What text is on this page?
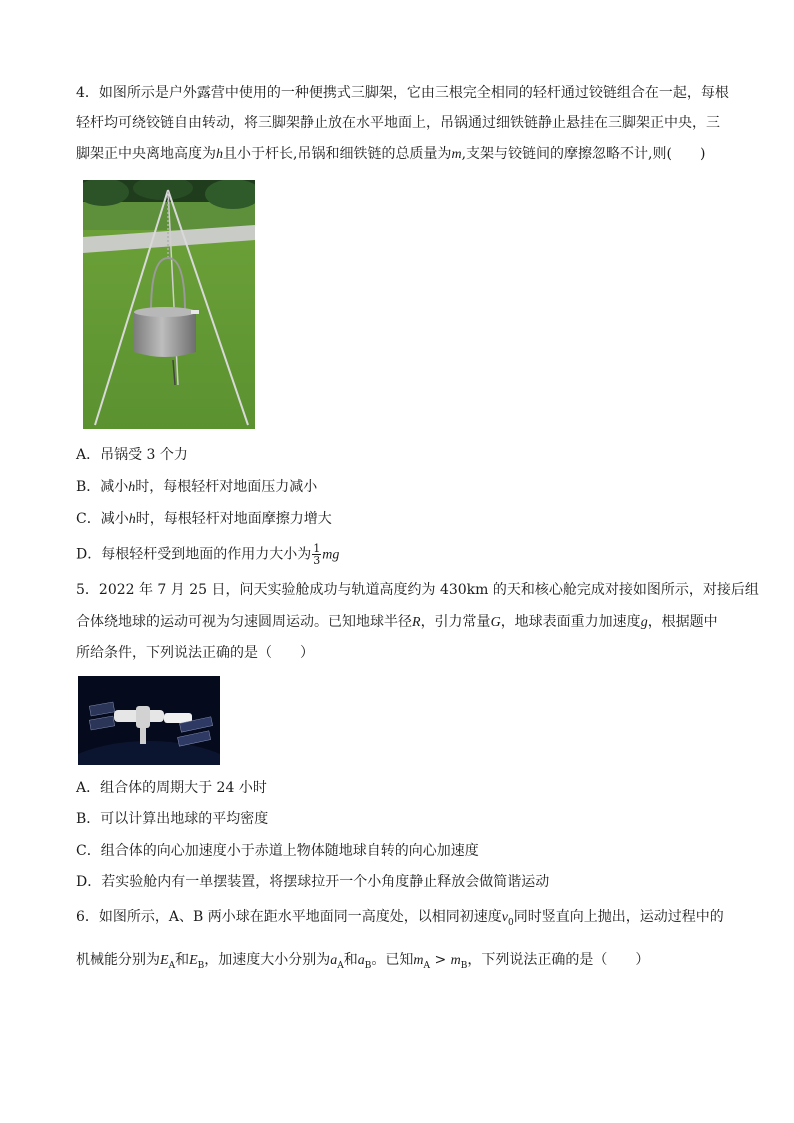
4．如图所示是户外露营中使用的一种便携式三脚架，它由三根完全相同的轻杆通过铰链组合在一起，每根
轻杆均可绕铰链自由转动，将三脚架静止放在水平地面上，吊锅通过细铁链静止悬挂在三脚架正中央，三
脚架正中央离地高度为h且小于杆长,吊锅和细铁链的总质量为m,支架与铰链间的摩擦忽略不计,则(　　)
A．吊锅受 3 个力
B．减小h时，每根轻杆对地面压力减小
C．减小h时，每根轻杆对地面摩擦力增大
D．每根轻杆受到地面的作用力大小为 $\frac{1}{3}$ mg
5．2022 年 7 月 25 日，问天实验舱成功与轨道高度约为 430km 的天和核心舱完成对接如图所示，对接后组
合体绕地球的运动可视为匀速圆周运动。已知地球半径R，引力常量G，地球表面重力加速度g，根据题中
所给条件，下列说法正确的是（　　）
A．组合体的周期大于 24 小时
B．可以计算出地球的平均密度
C．组合体的向心加速度小于赤道上物体随地球自转的向心加速度
D．若实验舱内有一单摆装置，将摆球拉开一个小角度静止释放会做简谐运动
6．如图所示，A、B 两小球在距水平地面同一高度处，以相同初速度$v_0$同时竖直向上抛出，运动过程中的
机械能分别为$E_A$和$E_B$，加速度大小分别为$a_A$和$a_B$。已知$m_A > m_B$，下列说法正确的是（　　）
